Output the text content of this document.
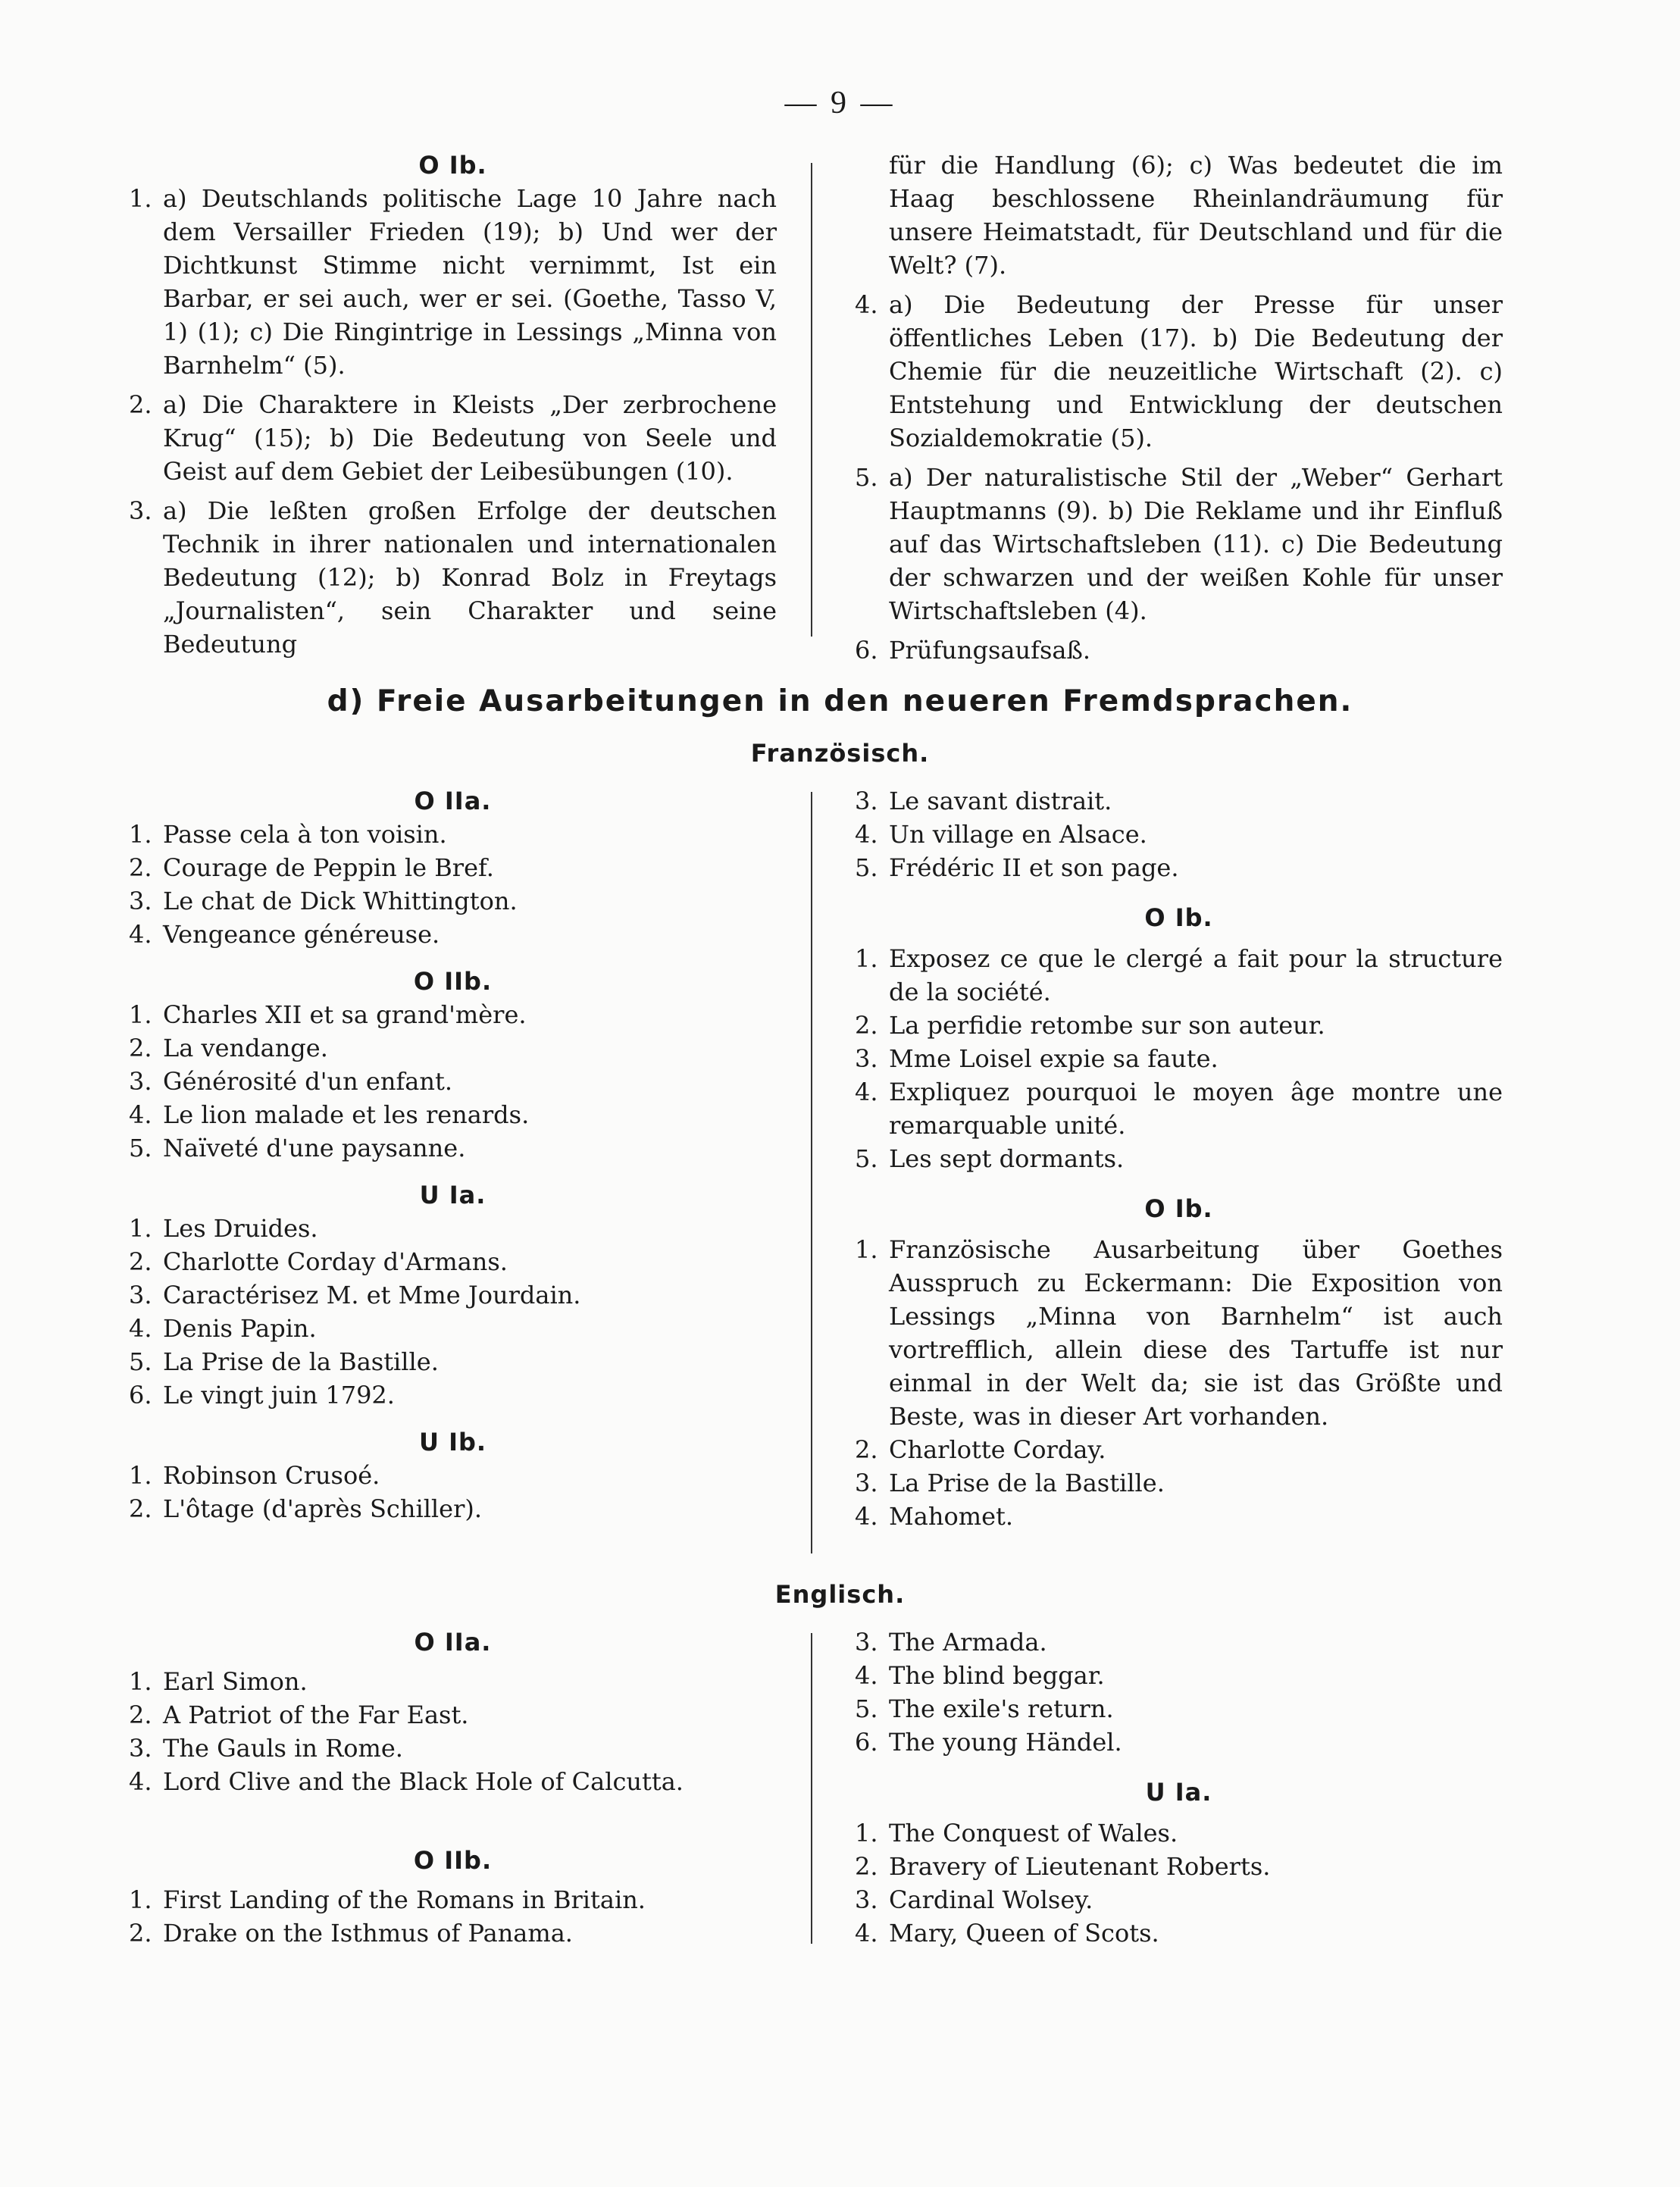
— 9 —
O Ib.
1. a) Deutschlands politische Lage 10 Jahre nach dem Versailler Frieden (19); b) Und wer der Dichtkunst Stimme nicht vernimmt, Ist ein Barbar, er sei auch, wer er sei. (Goethe, Tasso V, 1) (1); c) Die Ringintrige in Lessings „Minna von Barnhelm“ (5).
2. a) Die Charaktere in Kleists „Der zerbrochene Krug“ (15); b) Die Bedeutung von Seele und Geist auf dem Gebiet der Leibesübungen (10).
3. a) Die leßten großen Erfolge der deutschen Technik in ihrer nationalen und internationalen Bedeutung (12); b) Konrad Bolz in Freytags „Journalisten“, sein Charakter und seine Bedeutung
für die Handlung (6); c) Was bedeutet die im Haag beschlossene Rheinlandräumung für unsere Heimatstadt, für Deutschland und für die Welt? (7).
4. a) Die Bedeutung der Presse für unser öffentliches Leben (17). b) Die Bedeutung der Chemie für die neuzeitliche Wirtschaft (2). c) Entstehung und Entwicklung der deutschen Sozialdemokratie (5).
5. a) Der naturalistische Stil der „Weber“ Gerhart Hauptmanns (9). b) Die Reklame und ihr Einfluß auf das Wirtschaftsleben (11). c) Die Bedeutung der schwarzen und der weißen Kohle für unser Wirtschaftsleben (4).
6. Prüfungsaufsaß.
d) Freie Ausarbeitungen in den neueren Fremdsprachen.
Französisch.
O IIa.
1. Passe cela à ton voisin.
2. Courage de Peppin le Bref.
3. Le chat de Dick Whittington.
4. Vengeance généreuse.
O IIb.
1. Charles XII et sa grand'mère.
2. La vendange.
3. Générosité d'un enfant.
4. Le lion malade et les renards.
5. Naïveté d'une paysanne.
U Ia.
1. Les Druides.
2. Charlotte Corday d'Armans.
3. Caractérisez M. et Mme Jourdain.
4. Denis Papin.
5. La Prise de la Bastille.
6. Le vingt juin 1792.
U Ib.
1. Robinson Crusoé.
2. L'ôtage (d'après Schiller).
3. Le savant distrait.
4. Un village en Alsace.
5. Frédéric II et son page.
O Ib.
1. Exposez ce que le clergé a fait pour la structure de la société.
2. La perfidie retombe sur son auteur.
3. Mme Loisel expie sa faute.
4. Expliquez pourquoi le moyen âge montre une remarquable unité.
5. Les sept dormants.
O Ib.
1. Französische Ausarbeitung über Goethes Ausspruch zu Eckermann: Die Exposition von Lessings „Minna von Barnhelm“ ist auch vortrefflich, allein diese des Tartuffe ist nur einmal in der Welt da; sie ist das Größte und Beste, was in dieser Art vorhanden.
2. Charlotte Corday.
3. La Prise de la Bastille.
4. Mahomet.
Englisch.
O IIa.
1. Earl Simon.
2. A Patriot of the Far East.
3. The Gauls in Rome.
4. Lord Clive and the Black Hole of Calcutta.
O IIb.
1. First Landing of the Romans in Britain.
2. Drake on the Isthmus of Panama.
3. The Armada.
4. The blind beggar.
5. The exile's return.
6. The young Händel.
U Ia.
1. The Conquest of Wales.
2. Bravery of Lieutenant Roberts.
3. Cardinal Wolsey.
4. Mary, Queen of Scots.
